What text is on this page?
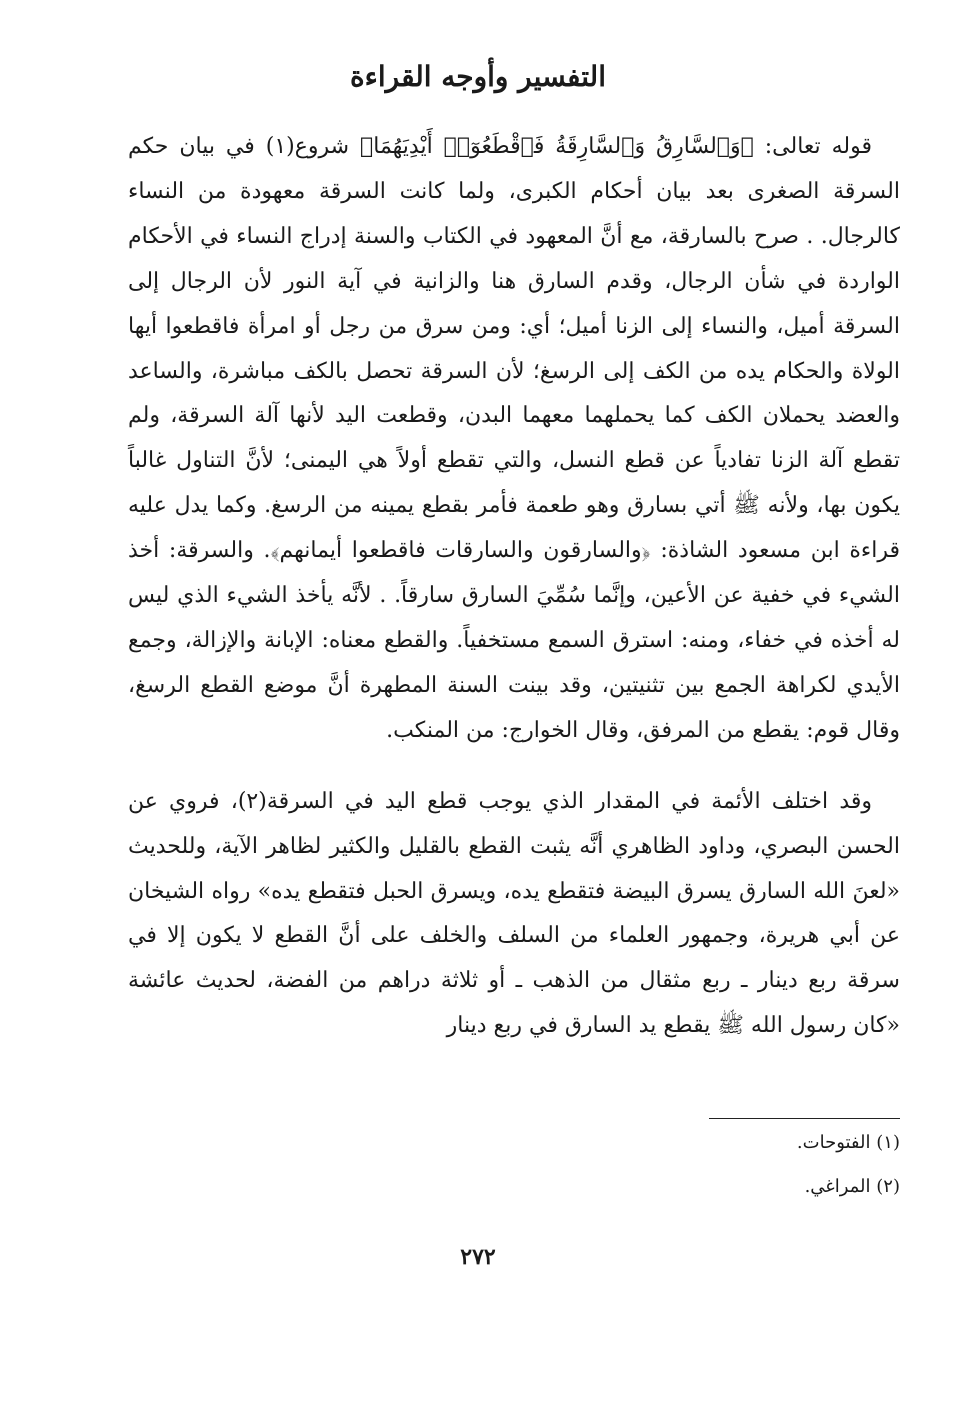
التفسير وأوجه القراءة

قوله تعالى: ﴿وَٱلسَّارِقُ وَٱلسَّارِقَةُ فَٱقْطَعُوٓا۟ أَيْدِيَهُمَا﴾ شروع(١) في بيان حكم السرقة الصغرى بعد بيان أحكام الكبرى، ولما كانت السرقة معهودة من النساء كالرجال. . صرح بالسارقة، مع أنَّ المعهود في الكتاب والسنة إدراج النساء في الأحكام الواردة في شأن الرجال، وقدم السارق هنا والزانية في آية النور لأن الرجال إلى السرقة أميل، والنساء إلى الزنا أميل؛ أي: ومن سرق من رجل أو امرأة فاقطعوا أيها الولاة والحكام يده من الكف إلى الرسغ؛ لأن السرقة تحصل بالكف مباشرة، والساعد والعضد يحملان الكف كما يحملهما معهما البدن، وقطعت اليد لأنها آلة السرقة، ولم تقطع آلة الزنا تفادياً عن قطع النسل، والتي تقطع أولاً هي اليمنى؛ لأنَّ التناول غالباً يكون بها، ولأنه ﷺ أتي بسارق وهو طعمة فأمر بقطع يمينه من الرسغ. وكما يدل عليه قراءة ابن مسعود الشاذة: ﴿والسارقون والسارقات فاقطعوا أيمانهم﴾. والسرقة: أخذ الشيء في خفية عن الأعين، وإنَّما سُمِّيَ السارق سارقاً. . لأنَّه يأخذ الشيء الذي ليس له أخذه في خفاء، ومنه: استرق السمع مستخفياً. والقطع معناه: الإبانة والإزالة، وجمع الأيدي لكراهة الجمع بين تثنيتين، وقد بينت السنة المطهرة أنَّ موضع القطع الرسغ، وقال قوم: يقطع من المرفق، وقال الخوارج: من المنكب.

وقد اختلف الأئمة في المقدار الذي يوجب قطع اليد في السرقة(٢)، فروي عن الحسن البصري، وداود الظاهري أنَّه يثبت القطع بالقليل والكثير لظاهر الآية، وللحديث «لعنَ الله السارق يسرق البيضة فتقطع يده، ويسرق الحبل فتقطع يده» رواه الشيخان عن أبي هريرة، وجمهور العلماء من السلف والخلف على أنَّ القطع لا يكون إلا في سرقة ربع دينار ـ ربع مثقال من الذهب ـ أو ثلاثة دراهم من الفضة، لحديث عائشة «كان رسول الله ﷺ يقطع يد السارق في ربع دينار

(١) الفتوحات.
(٢) المراغي.
٢٧٢
